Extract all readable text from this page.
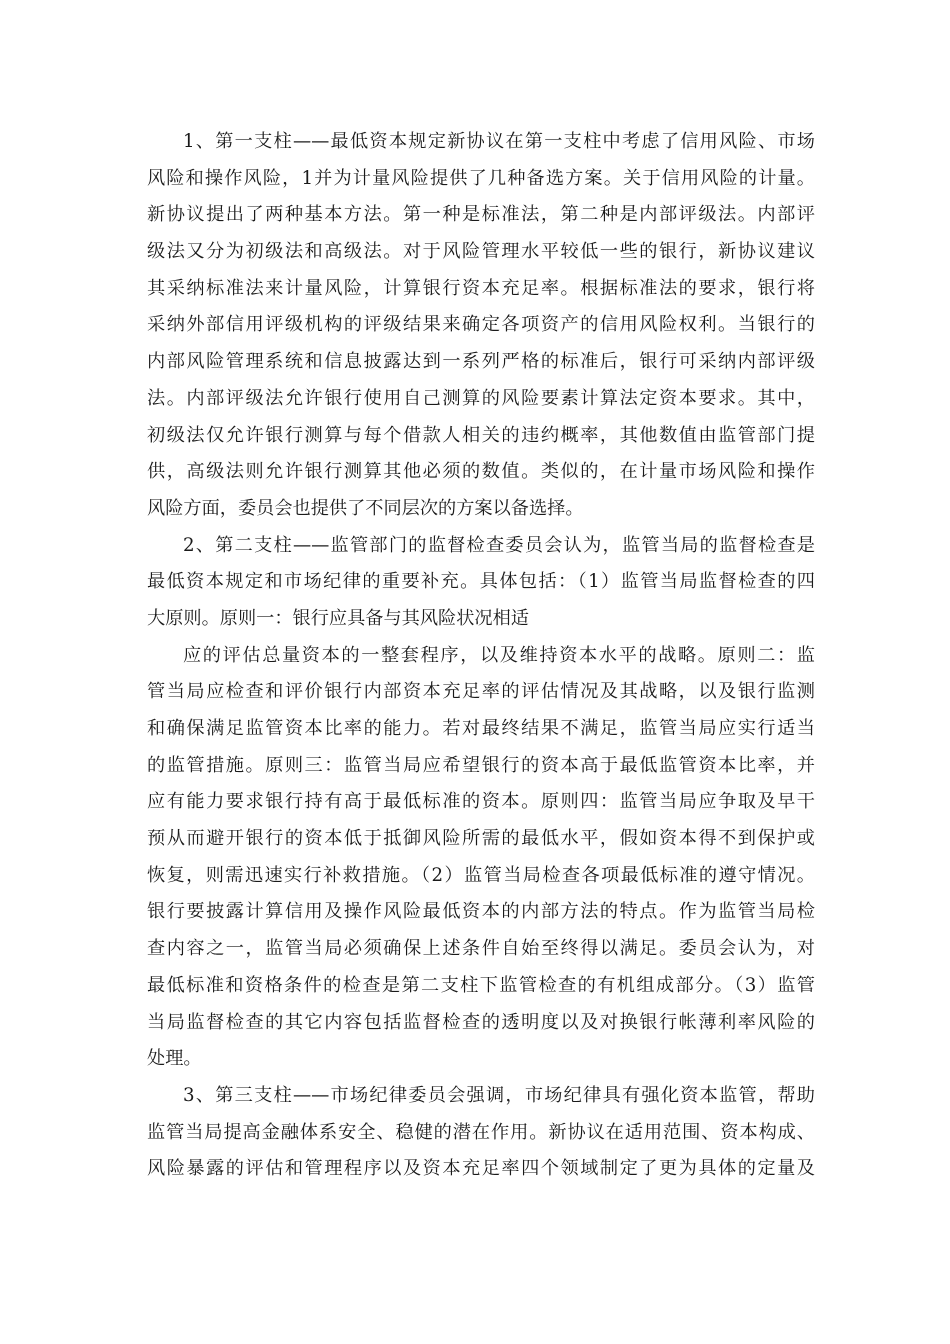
1、第一支柱——最低资本规定新协议在第一支柱中考虑了信用风险、市场
风险和操作风险，1并为计量风险提供了几种备选方案。关于信用风险的计量。
新协议提出了两种基本方法。第一种是标准法，第二种是内部评级法。内部评
级法又分为初级法和高级法。对于风险管理水平较低一些的银行，新协议建议
其采纳标准法来计量风险，计算银行资本充足率。根据标准法的要求，银行将
采纳外部信用评级机构的评级结果来确定各项资产的信用风险权利。当银行的
内部风险管理系统和信息披露达到一系列严格的标准后，银行可采纳内部评级
法。内部评级法允许银行使用自己测算的风险要素计算法定资本要求。其中，
初级法仅允许银行测算与每个借款人相关的违约概率，其他数值由监管部门提
供，高级法则允许银行测算其他必须的数值。类似的，在计量市场风险和操作
风险方面，委员会也提供了不同层次的方案以备选择。
2、第二支柱——监管部门的监督检查委员会认为，监管当局的监督检查是
最低资本规定和市场纪律的重要补充。具体包括：（1）监管当局监督检查的四
大原则。原则一：银行应具备与其风险状况相适
应的评估总量资本的一整套程序，以及维持资本水平的战略。原则二：监
管当局应检查和评价银行内部资本充足率的评估情况及其战略，以及银行监测
和确保满足监管资本比率的能力。若对最终结果不满足，监管当局应实行适当
的监管措施。原则三：监管当局应希望银行的资本高于最低监管资本比率，并
应有能力要求银行持有高于最低标准的资本。原则四：监管当局应争取及早干
预从而避开银行的资本低于抵御风险所需的最低水平，假如资本得不到保护或
恢复，则需迅速实行补救措施。（2）监管当局检查各项最低标准的遵守情况。
银行要披露计算信用及操作风险最低资本的内部方法的特点。作为监管当局检
查内容之一，监管当局必须确保上述条件自始至终得以满足。委员会认为，对
最低标准和资格条件的检查是第二支柱下监管检查的有机组成部分。（3）监管
当局监督检查的其它内容包括监督检查的透明度以及对换银行帐薄利率风险的
处理。
3、第三支柱——市场纪律委员会强调，市场纪律具有强化资本监管，帮助
监管当局提高金融体系安全、稳健的潜在作用。新协议在适用范围、资本构成、
风险暴露的评估和管理程序以及资本充足率四个领域制定了更为具体的定量及
